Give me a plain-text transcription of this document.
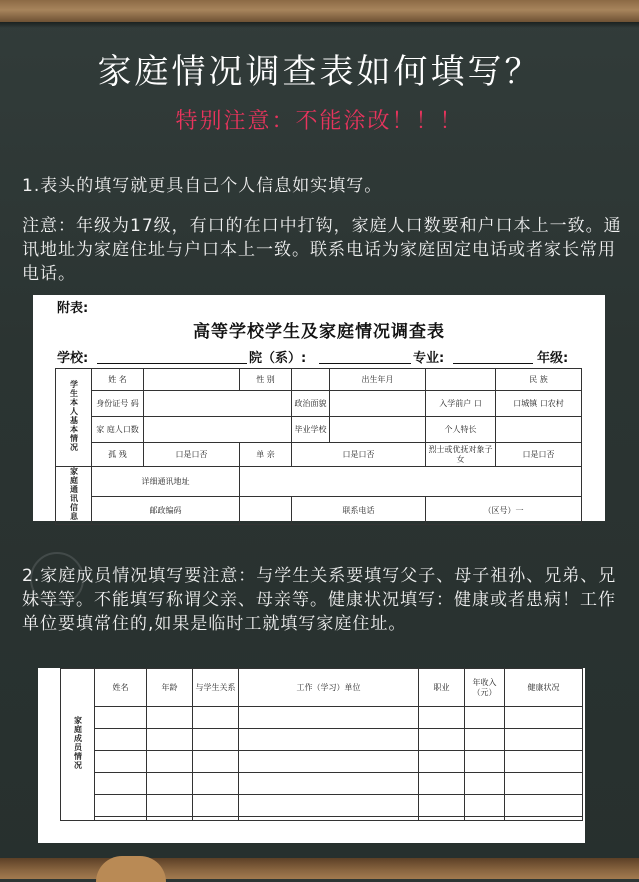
家庭情况调查表如何填写？
特别注意：不能涂改！！！
1.表头的填写就更具自己个人信息如实填写。
注意：年级为17级，有口的在口中打钩，家庭人口数要和户口本上一致。通讯地址为家庭住址与户口本上一致。联系电话为家庭固定电话或者家长常用电话。
附表:
高等学校学生及家庭情况调查表
学校:	院（系）:	专业:	年级:
学生本人基本情况	姓 名		性 别		出生年月		民 族
	身份证号 码			政治面貌		入学前户 口	口城镇 口农村
	家 庭人口数			毕业学校		个人特长	
	孤 残	口是口否	单 亲	口是口否		烈士或优抚对象子女	口是口否
家庭通讯信息	详细通讯地址						
	邮政编码			联系电话		（区号）一	
2.家庭成员情况填写要注意：与学生关系要填写父子、母子祖孙、兄弟、兄妹等等。不能填写称谓父亲、母亲等。健康状况填写：健康或者患病！工作单位要填常住的,如果是临时工就填写家庭住址。
家庭成员情况	姓名	年龄	与学生关系	工作（学习）单位	职业	年收入（元）	健康状况
